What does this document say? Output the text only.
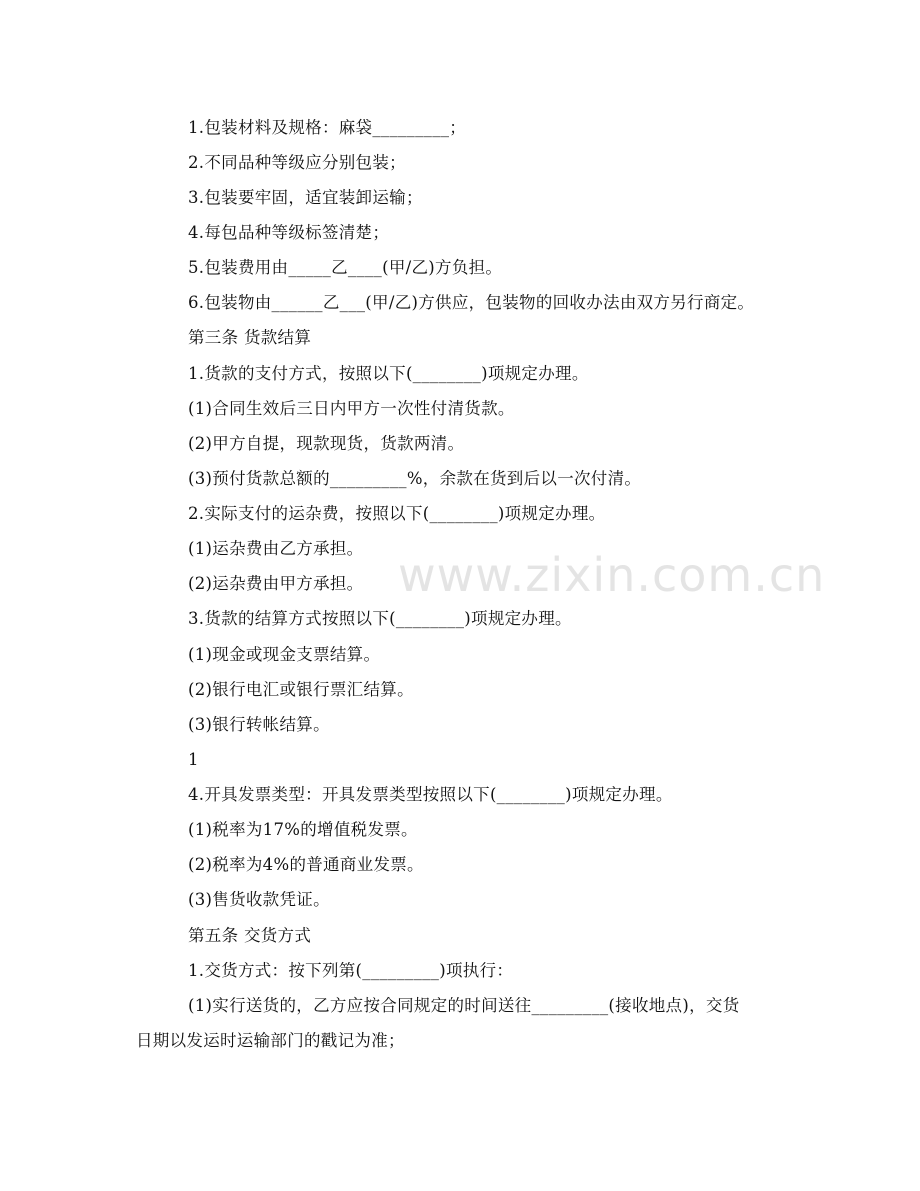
www.zixin.com.cn
1.包装材料及规格：麻袋_________；
2.不同品种等级应分别包装；
3.包装要牢固，适宜装卸运输；
4.每包品种等级标签清楚；
5.包装费用由_____乙____(甲/乙)方负担。
6.包装物由______乙___(甲/乙)方供应，包装物的回收办法由双方另行商定。
第三条 货款结算
1.货款的支付方式，按照以下(________)项规定办理。
(1)合同生效后三日内甲方一次性付清货款。
(2)甲方自提，现款现货，货款两清。
(3)预付货款总额的_________%，余款在货到后以一次付清。
2.实际支付的运杂费，按照以下(________)项规定办理。
(1)运杂费由乙方承担。
(2)运杂费由甲方承担。
3.货款的结算方式按照以下(________)项规定办理。
(1)现金或现金支票结算。
(2)银行电汇或银行票汇结算。
(3)银行转帐结算。
1
4.开具发票类型：开具发票类型按照以下(________)项规定办理。
(1)税率为17%的增值税发票。
(2)税率为4%的普通商业发票。
(3)售货收款凭证。
第五条 交货方式
1.交货方式：按下列第(_________)项执行：
(1)实行送货的，乙方应按合同规定的时间送往_________(接收地点)，交货
日期以发运时运输部门的戳记为准；
